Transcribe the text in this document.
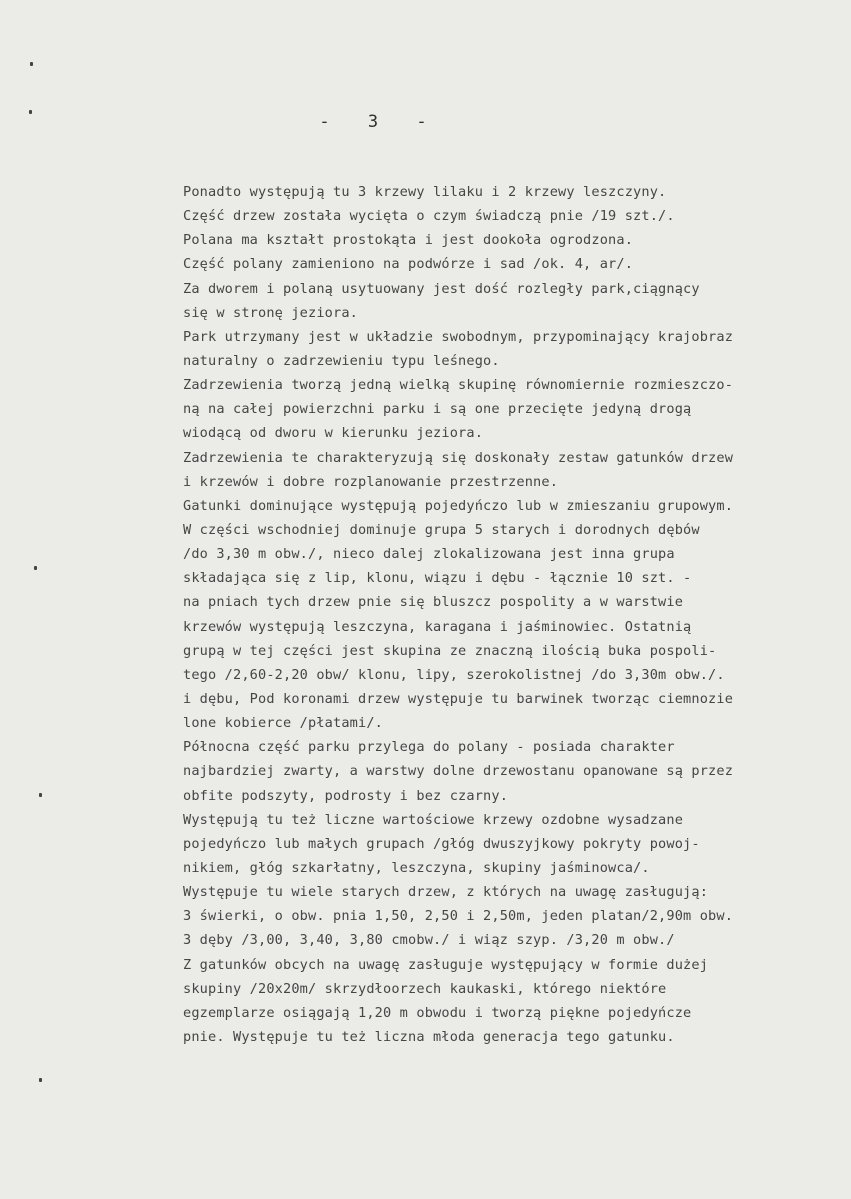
- 3 -
Ponadto występują tu 3 krzewy lilaku i 2 krzewy leszczyny.
Część drzew została wycięta o czym świadczą pnie /19 szt./.
Polana ma kształt prostokąta i jest dookoła ogrodzona.
Część polany zamieniono na podwórze i sad /ok. 4, ar/.
Za dworem i polaną usytuowany jest dość rozległy park,ciągnący
się w stronę jeziora.
Park utrzymany jest w układzie swobodnym, przypominający krajobraz
naturalny o zadrzewieniu typu leśnego.
Zadrzewienia tworzą jedną wielką skupinę równomiernie rozmieszczo-
ną na całej powierzchni parku i są one przecięte jedyną drogą
wiodącą od dworu w kierunku jeziora.
Zadrzewienia te charakteryzują się doskonały zestaw gatunków drzew
i krzewów i dobre rozplanowanie przestrzenne.
Gatunki dominujące występują pojedyńczo lub w zmieszaniu grupowym.
W części wschodniej dominuje grupa 5 starych i dorodnych dębów
/do 3,30 m obw./, nieco dalej zlokalizowana jest inna grupa
składająca się z lip, klonu, wiązu i dębu - łącznie 10 szt. -
na pniach tych drzew pnie się bluszcz pospolity a w warstwie
krzewów występują leszczyna, karagana i jaśminowiec. Ostatnią
grupą w tej części jest skupina ze znaczną ilością buka pospoli-
tego /2,60-2,20 obw/ klonu, lipy, szerokolistnej /do 3,30m obw./.
i dębu, Pod koronami drzew występuje tu barwinek tworząc ciemnozie
lone kobierce /płatami/.
Północna część parku przylega do polany - posiada charakter
najbardziej zwarty, a warstwy dolne drzewostanu opanowane są przez
obfite podszyty, podrosty i bez czarny.
Występują tu też liczne wartościowe krzewy ozdobne wysadzane
pojedyńczo lub małych grupach /głóg dwuszyjkowy pokryty powoj-
nikiem, głóg szkarłatny, leszczyna, skupiny jaśminowca/.
Występuje tu wiele starych drzew, z których na uwagę zasługują:
3 świerki, o obw. pnia 1,50, 2,50 i 2,50m, jeden platan/2,90m obw.
3 dęby /3,00, 3,40, 3,80 cmobw./ i wiąz szyp. /3,20 m obw./
Z gatunków obcych na uwagę zasługuje występujący w formie dużej
skupiny /20x20m/ skrzydłoorzech kaukaski, którego niektóre
egzemplarze osiągają 1,20 m obwodu i tworzą piękne pojedyńcze
pnie. Występuje tu też liczna młoda generacja tego gatunku.
